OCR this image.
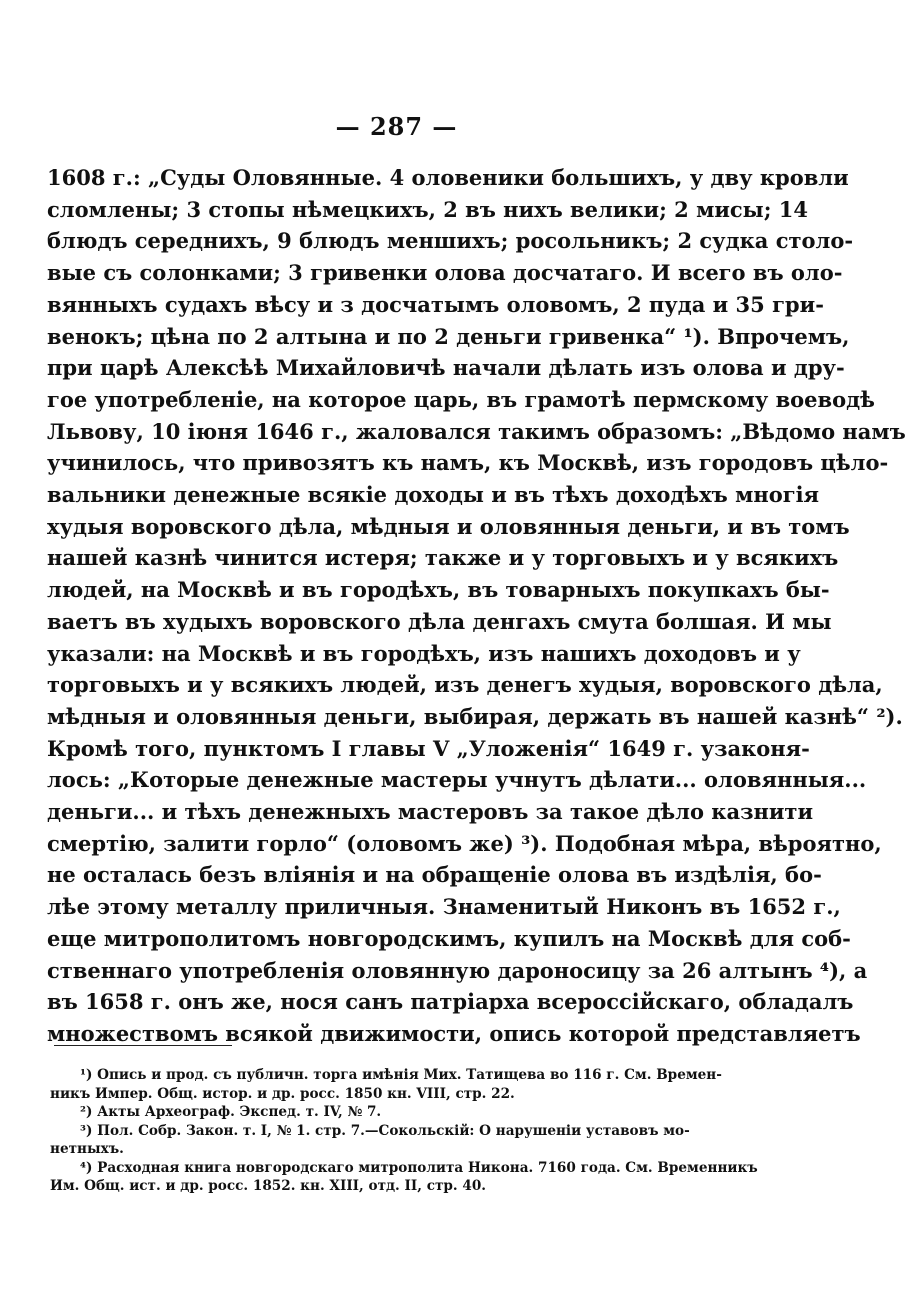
— 287 —
1608 г.: „Суды Оловянные. 4 оловеники большихъ, у дву кровли
сломлены; 3 стопы нѣмецкихъ, 2 въ нихъ велики; 2 мисы; 14
блюдъ середнихъ, 9 блюдъ меншихъ; росольникъ; 2 судка столо-
вые съ солонками; 3 гривенки олова досчатаго. И всего въ оло-
вянныхъ судахъ вѣсу и з досчатымъ оловомъ, 2 пуда и 35 гри-
венокъ; цѣна по 2 алтына и по 2 деньги гривенка“ ¹). Впрочемъ,
при царѣ Алексѣѣ Михайловичѣ начали дѣлать изъ олова и дру-
гое употребленіе, на которое царь, въ грамотѣ пермскому воеводѣ
Львову, 10 іюня 1646 г., жаловался такимъ образомъ: „Вѣдомо намъ
учинилось, что привозятъ къ намъ, къ Москвѣ, изъ городовъ цѣло-
вальники денежные всякіе доходы и въ тѣхъ доходѣхъ многія
худыя воровского дѣла, мѣдныя и оловянныя деньги, и въ томъ
нашей казнѣ чинится истеря; также и у торговыхъ и у всякихъ
людей, на Москвѣ и въ городѣхъ, въ товарныхъ покупкахъ бы-
ваетъ въ худыхъ воровского дѣла денгахъ смута болшая. И мы
указали: на Москвѣ и въ городѣхъ, изъ нашихъ доходовъ и у
торговыхъ и у всякихъ людей, изъ денегъ худыя, воровского дѣла,
мѣдныя и оловянныя деньги, выбирая, держать въ нашей казнѣ“ ²).
Кромѣ того, пунктомъ I главы V „Уложенія“ 1649 г. узаконя-
лось: „Которые денежные мастеры учнутъ дѣлати... оловянныя...
деньги... и тѣхъ денежныхъ мастеровъ за такое дѣло казнити
смертію, залити горло“ (оловомъ же) ³). Подобная мѣра, вѣроятно,
не осталась безъ вліянія и на обращеніе олова въ издѣлія, бо-
лѣе этому металлу приличныя. Знаменитый Никонъ въ 1652 г.,
еще митрополитомъ новгородскимъ, купилъ на Москвѣ для соб-
ственнаго употребленія оловянную дароносицу за 26 алтынъ ⁴), а
въ 1658 г. онъ же, нося санъ патріарха всероссійскаго, обладалъ
множествомъ всякой движимости, опись которой представляетъ
¹) Опись и прод. съ публичн. торга имѣнія Мих. Татищева во 116 г. См. Времен-
никъ Импер. Общ. истор. и др. росс. 1850 кн. VIII, стр. 22.
²) Акты Археограф. Экспед. т. IV, № 7.
³) Пол. Собр. Закон. т. I, № 1. стр. 7.—Сокольскій: О нарушеніи уставовъ мо-
нетныхъ.
⁴) Расходная книга новгородскаго митрополита Никона. 7160 года. См. Временникъ
Им. Общ. ист. и др. росс. 1852. кн. XIII, отд. II, стр. 40.
